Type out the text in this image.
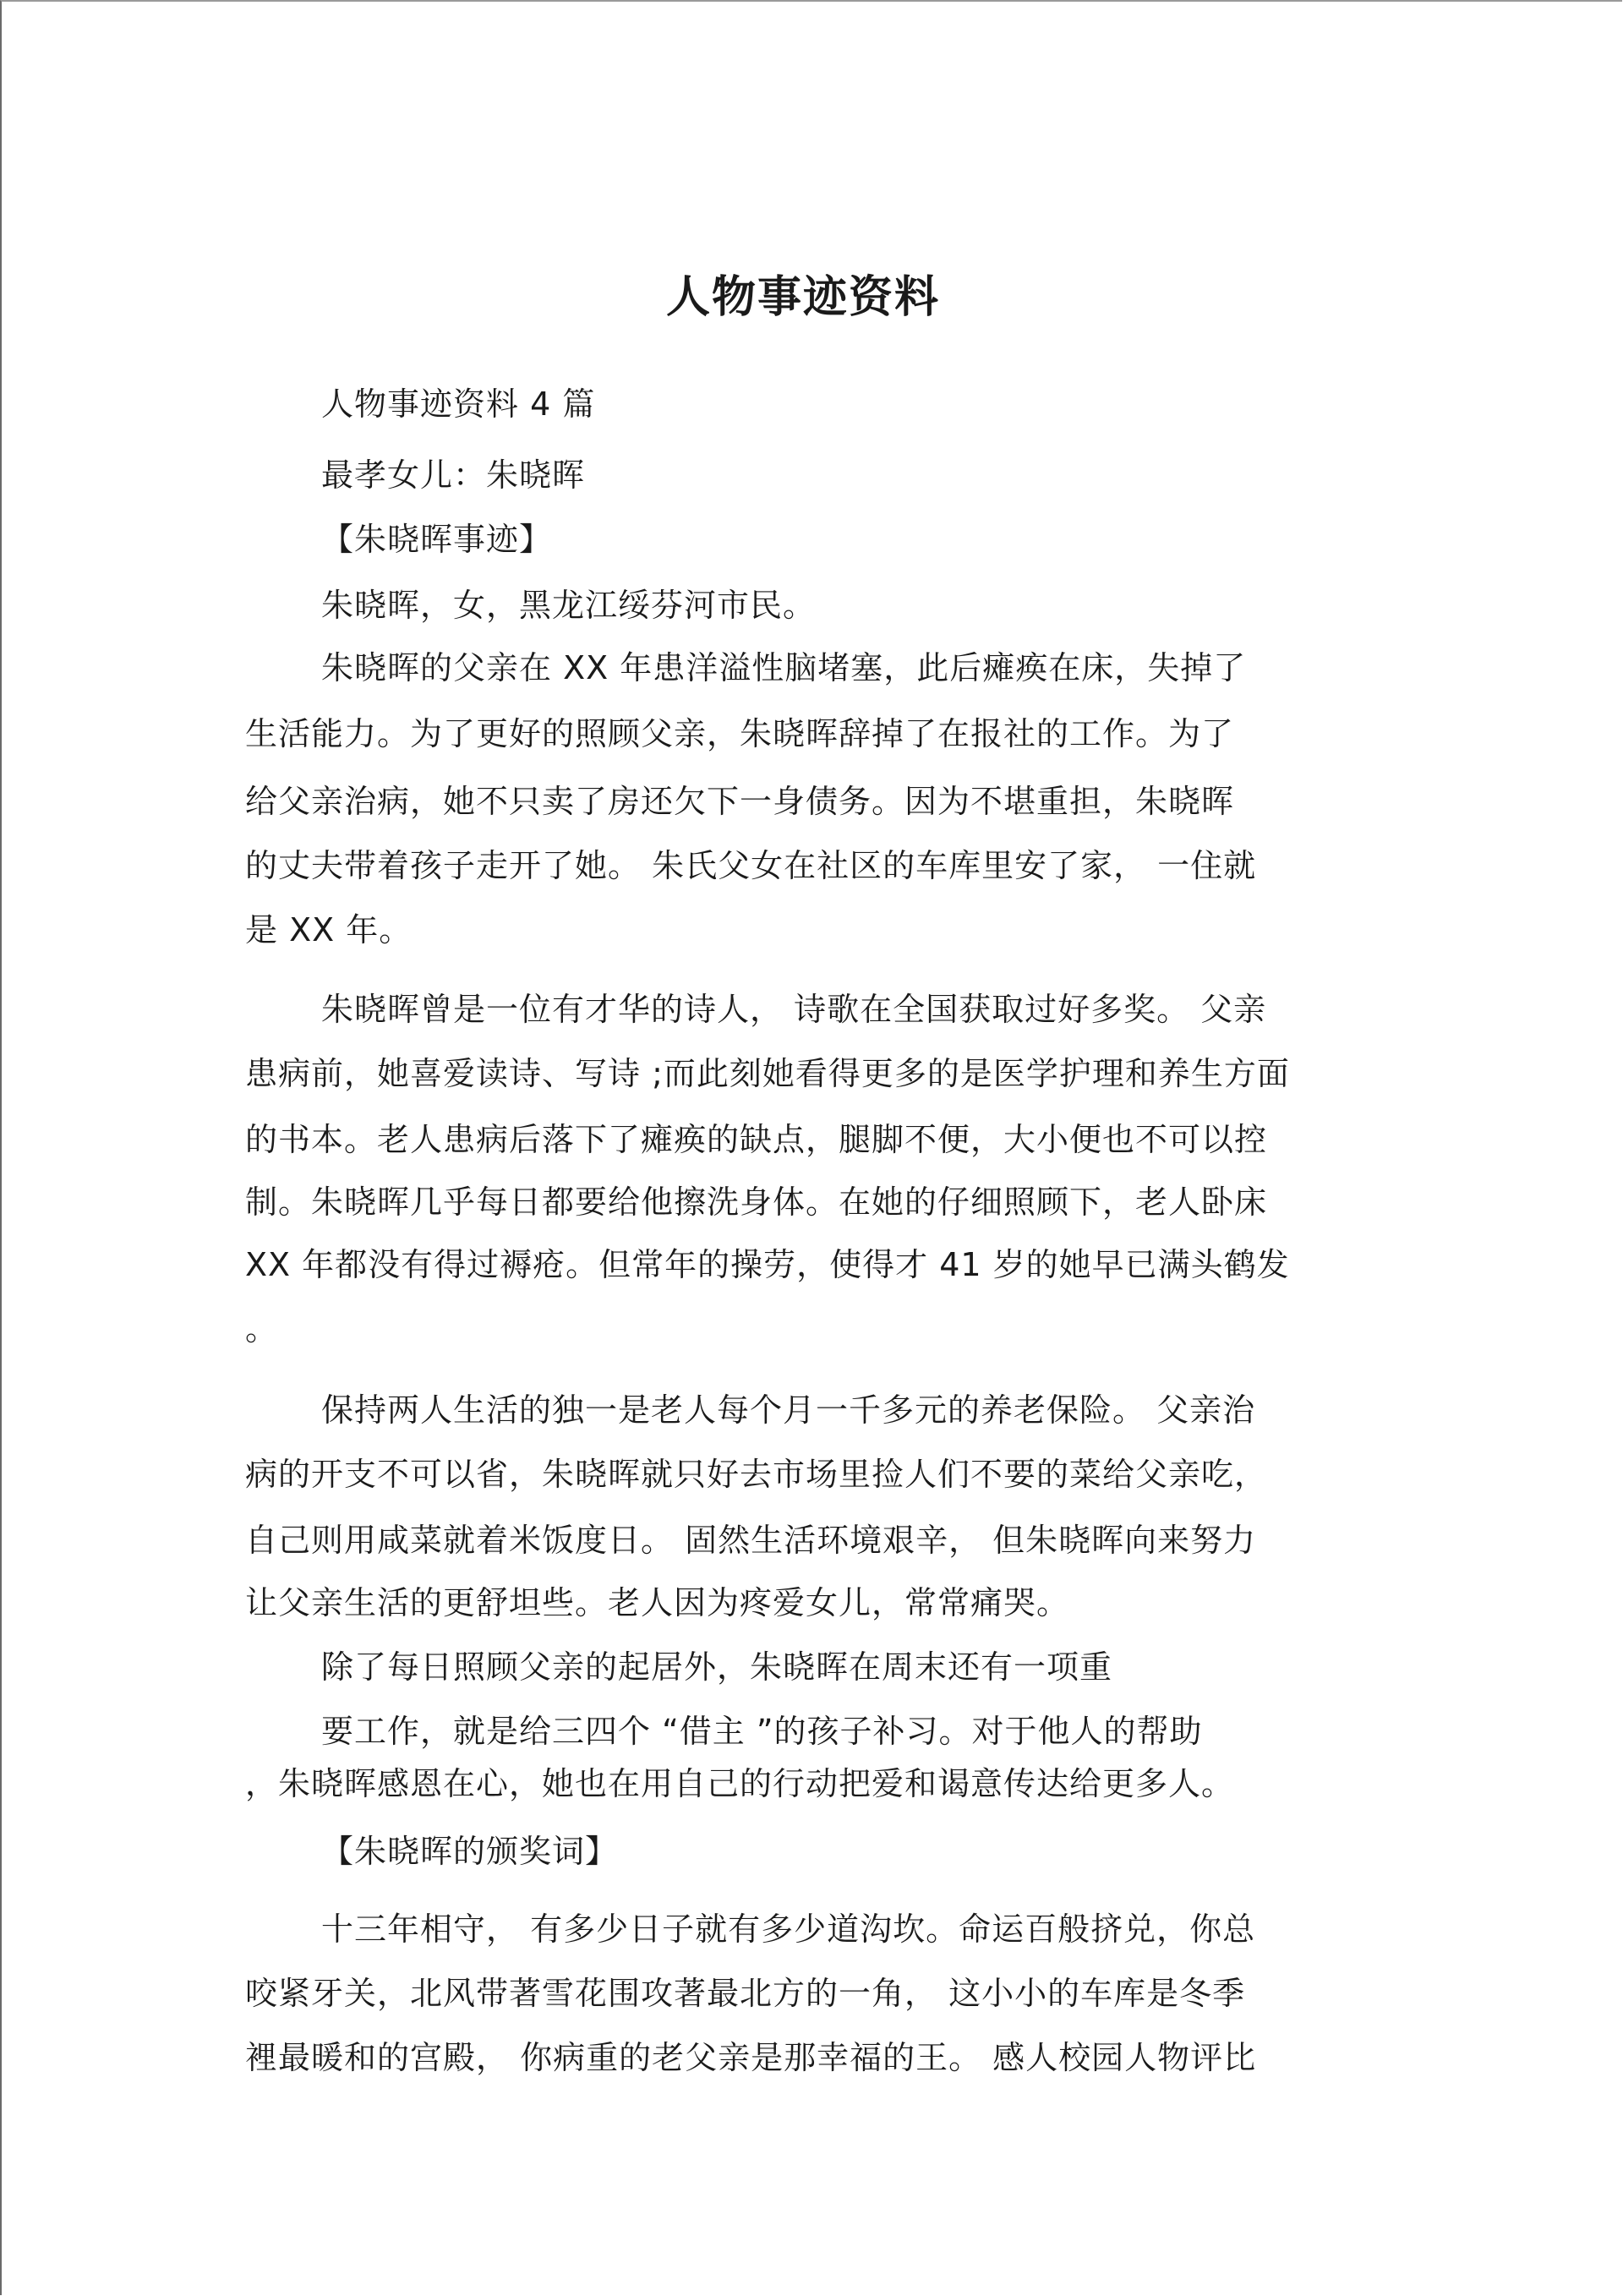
人物事迹资料
人物事迹资料 4 篇
最孝女儿：朱晓晖
【朱晓晖事迹】
朱晓晖，女，黑龙江绥芬河市民。
朱晓晖的父亲在 XX 年患洋溢性脑堵塞，此后瘫痪在床，失掉了
生活能力。为了更好的照顾父亲，朱晓晖辞掉了在报社的工作。为了
给父亲治病，她不只卖了房还欠下一身债务。因为不堪重担，朱晓晖
的丈夫带着孩子走开了她。 朱氏父女在社区的车库里安了家， 一住就
是 XX 年。
朱晓晖曾是一位有才华的诗人， 诗歌在全国获取过好多奖。 父亲
患病前，她喜爱读诗、写诗 ;而此刻她看得更多的是医学护理和养生方面
的书本。老人患病后落下了瘫痪的缺点，腿脚不便，大小便也不可以控
制。朱晓晖几乎每日都要给他擦洗身体。在她的仔细照顾下，老人卧床
XX 年都没有得过褥疮。但常年的操劳，使得才 41 岁的她早已满头鹤发
。
保持两人生活的独一是老人每个月一千多元的养老保险。 父亲治
病的开支不可以省，朱晓晖就只好去市场里捡人们不要的菜给父亲吃，
自己则用咸菜就着米饭度日。 固然生活环境艰辛， 但朱晓晖向来努力
让父亲生活的更舒坦些。老人因为疼爱女儿，常常痛哭。
除了每日照顾父亲的起居外，朱晓晖在周末还有一项重
要工作，就是给三四个 “借主 ”的孩子补习。对于他人的帮助
，朱晓晖感恩在心，她也在用自己的行动把爱和谒意传达给更多人。
【朱晓晖的颁奖词】
十三年相守， 有多少日子就有多少道沟坎。命运百般挤兑，你总
咬紧牙关，北风带著雪花围攻著最北方的一角， 这小小的车库是冬季
裡最暖和的宫殿， 你病重的老父亲是那幸福的王。 感人校园人物评比
